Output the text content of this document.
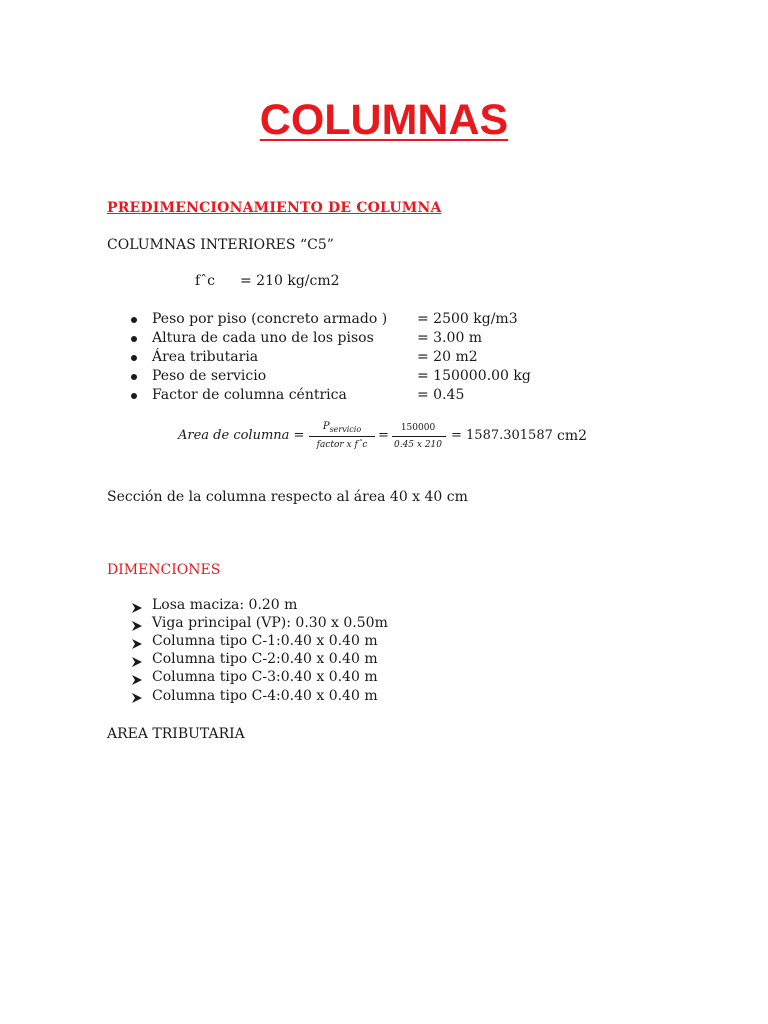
COLUMNAS
PREDIMENCIONAMIENTO DE COLUMNA
COLUMNAS INTERIORES “C5”
fˆc = 210 kg/cm2
Peso por piso (concreto armado ) = 2500 kg/m3
Altura de cada uno de los pisos	= 3.00 m
Área tributaria	= 20 m2
Peso de servicio	= 150000.00 kg
Factor de columna céntrica	= 0.45
Area de columna =
$P_{servicio}$
factor x fˆc
=	150000
0.45 x 210
= 1587.301587 cm2
Sección de la columna respecto al área 40 x 40 cm
DIMENCIONES
Losa maciza: 0.20 m
Viga principal (VP): 0.30 x 0.50m
Columna tipo C-1:0.40 x 0.40 m
Columna tipo C-2:0.40 x 0.40 m
Columna tipo C-3:0.40 x 0.40 m
Columna tipo C-4:0.40 x 0.40 m
AREA TRIBUTARIA
